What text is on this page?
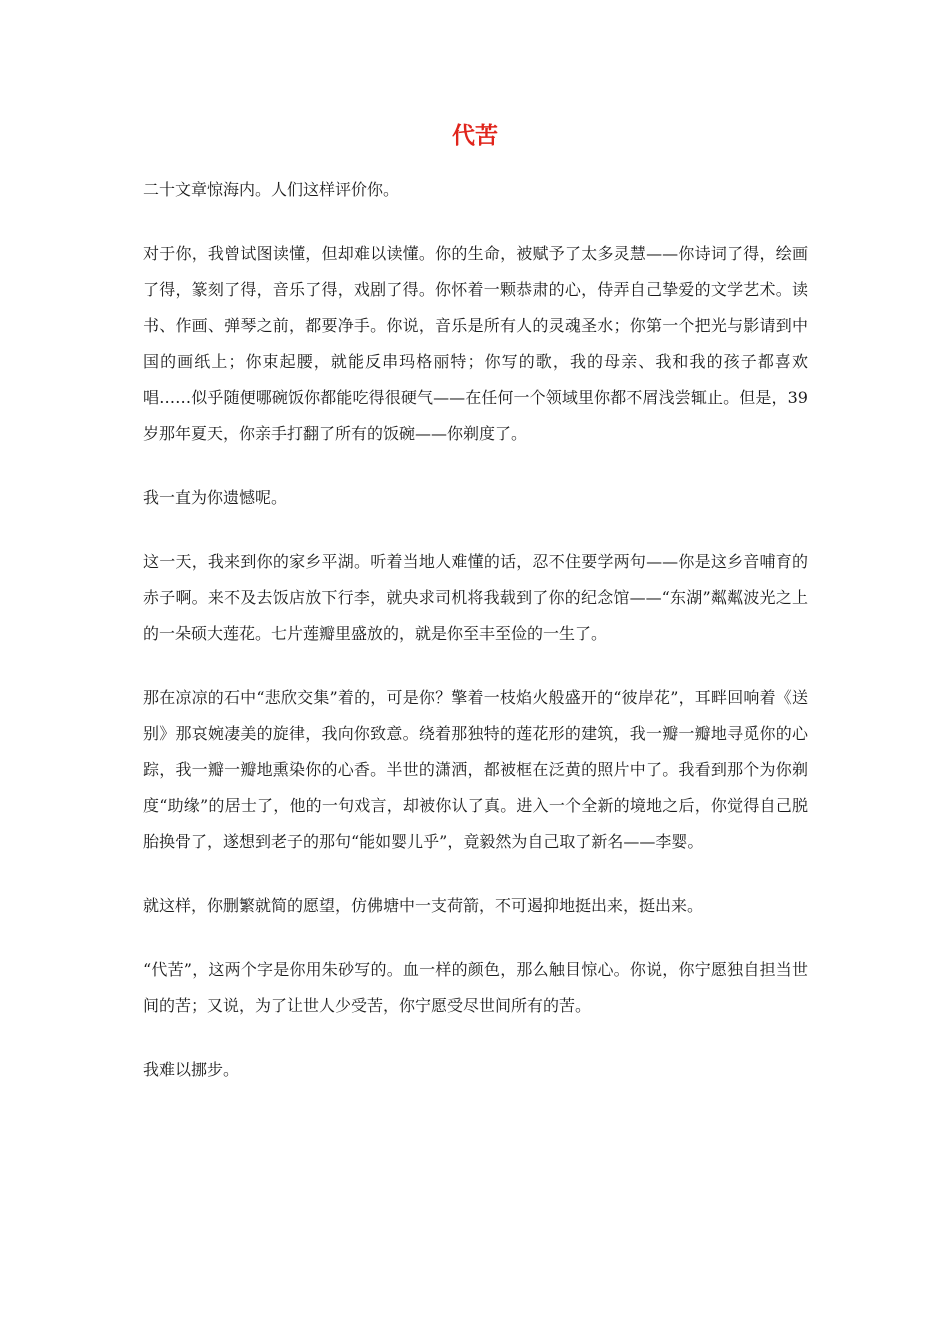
代苦

二十文章惊海内。人们这样评价你。

对于你，我曾试图读懂，但却难以读懂。你的生命，被赋予了太多灵慧——你诗词了得，绘画了得，篆刻了得，音乐了得，戏剧了得。你怀着一颗恭肃的心，侍弄自己挚爱的文学艺术。读书、作画、弹琴之前，都要净手。你说，音乐是所有人的灵魂圣水；你第一个把光与影请到中国的画纸上；你束起腰，就能反串玛格丽特；你写的歌，我的母亲、我和我的孩子都喜欢唱……似乎随便哪碗饭你都能吃得很硬气——在任何一个领域里你都不屑浅尝辄止。但是，39 岁那年夏天，你亲手打翻了所有的饭碗——你剃度了。

我一直为你遗憾呢。

这一天，我来到你的家乡平湖。听着当地人难懂的话，忍不住要学两句——你是这乡音哺育的赤子啊。来不及去饭店放下行李，就央求司机将我载到了你的纪念馆——“东湖”粼粼波光之上的一朵硕大莲花。七片莲瓣里盛放的，就是你至丰至俭的一生了。

那在凉凉的石中“悲欣交集”着的，可是你？擎着一枝焰火般盛开的“彼岸花”，耳畔回响着《送别》那哀婉凄美的旋律，我向你致意。绕着那独特的莲花形的建筑，我一瓣一瓣地寻觅你的心踪，我一瓣一瓣地熏染你的心香。半世的潇洒，都被框在泛黄的照片中了。我看到那个为你剃度“助缘”的居士了，他的一句戏言，却被你认了真。进入一个全新的境地之后，你觉得自己脱胎换骨了，遂想到老子的那句“能如婴儿乎”，竟毅然为自己取了新名——李婴。

就这样，你删繁就简的愿望，仿佛塘中一支荷箭，不可遏抑地挺出来，挺出来。

“代苦”，这两个字是你用朱砂写的。血一样的颜色，那么触目惊心。你说，你宁愿独自担当世间的苦；又说，为了让世人少受苦，你宁愿受尽世间所有的苦。

我难以挪步。
